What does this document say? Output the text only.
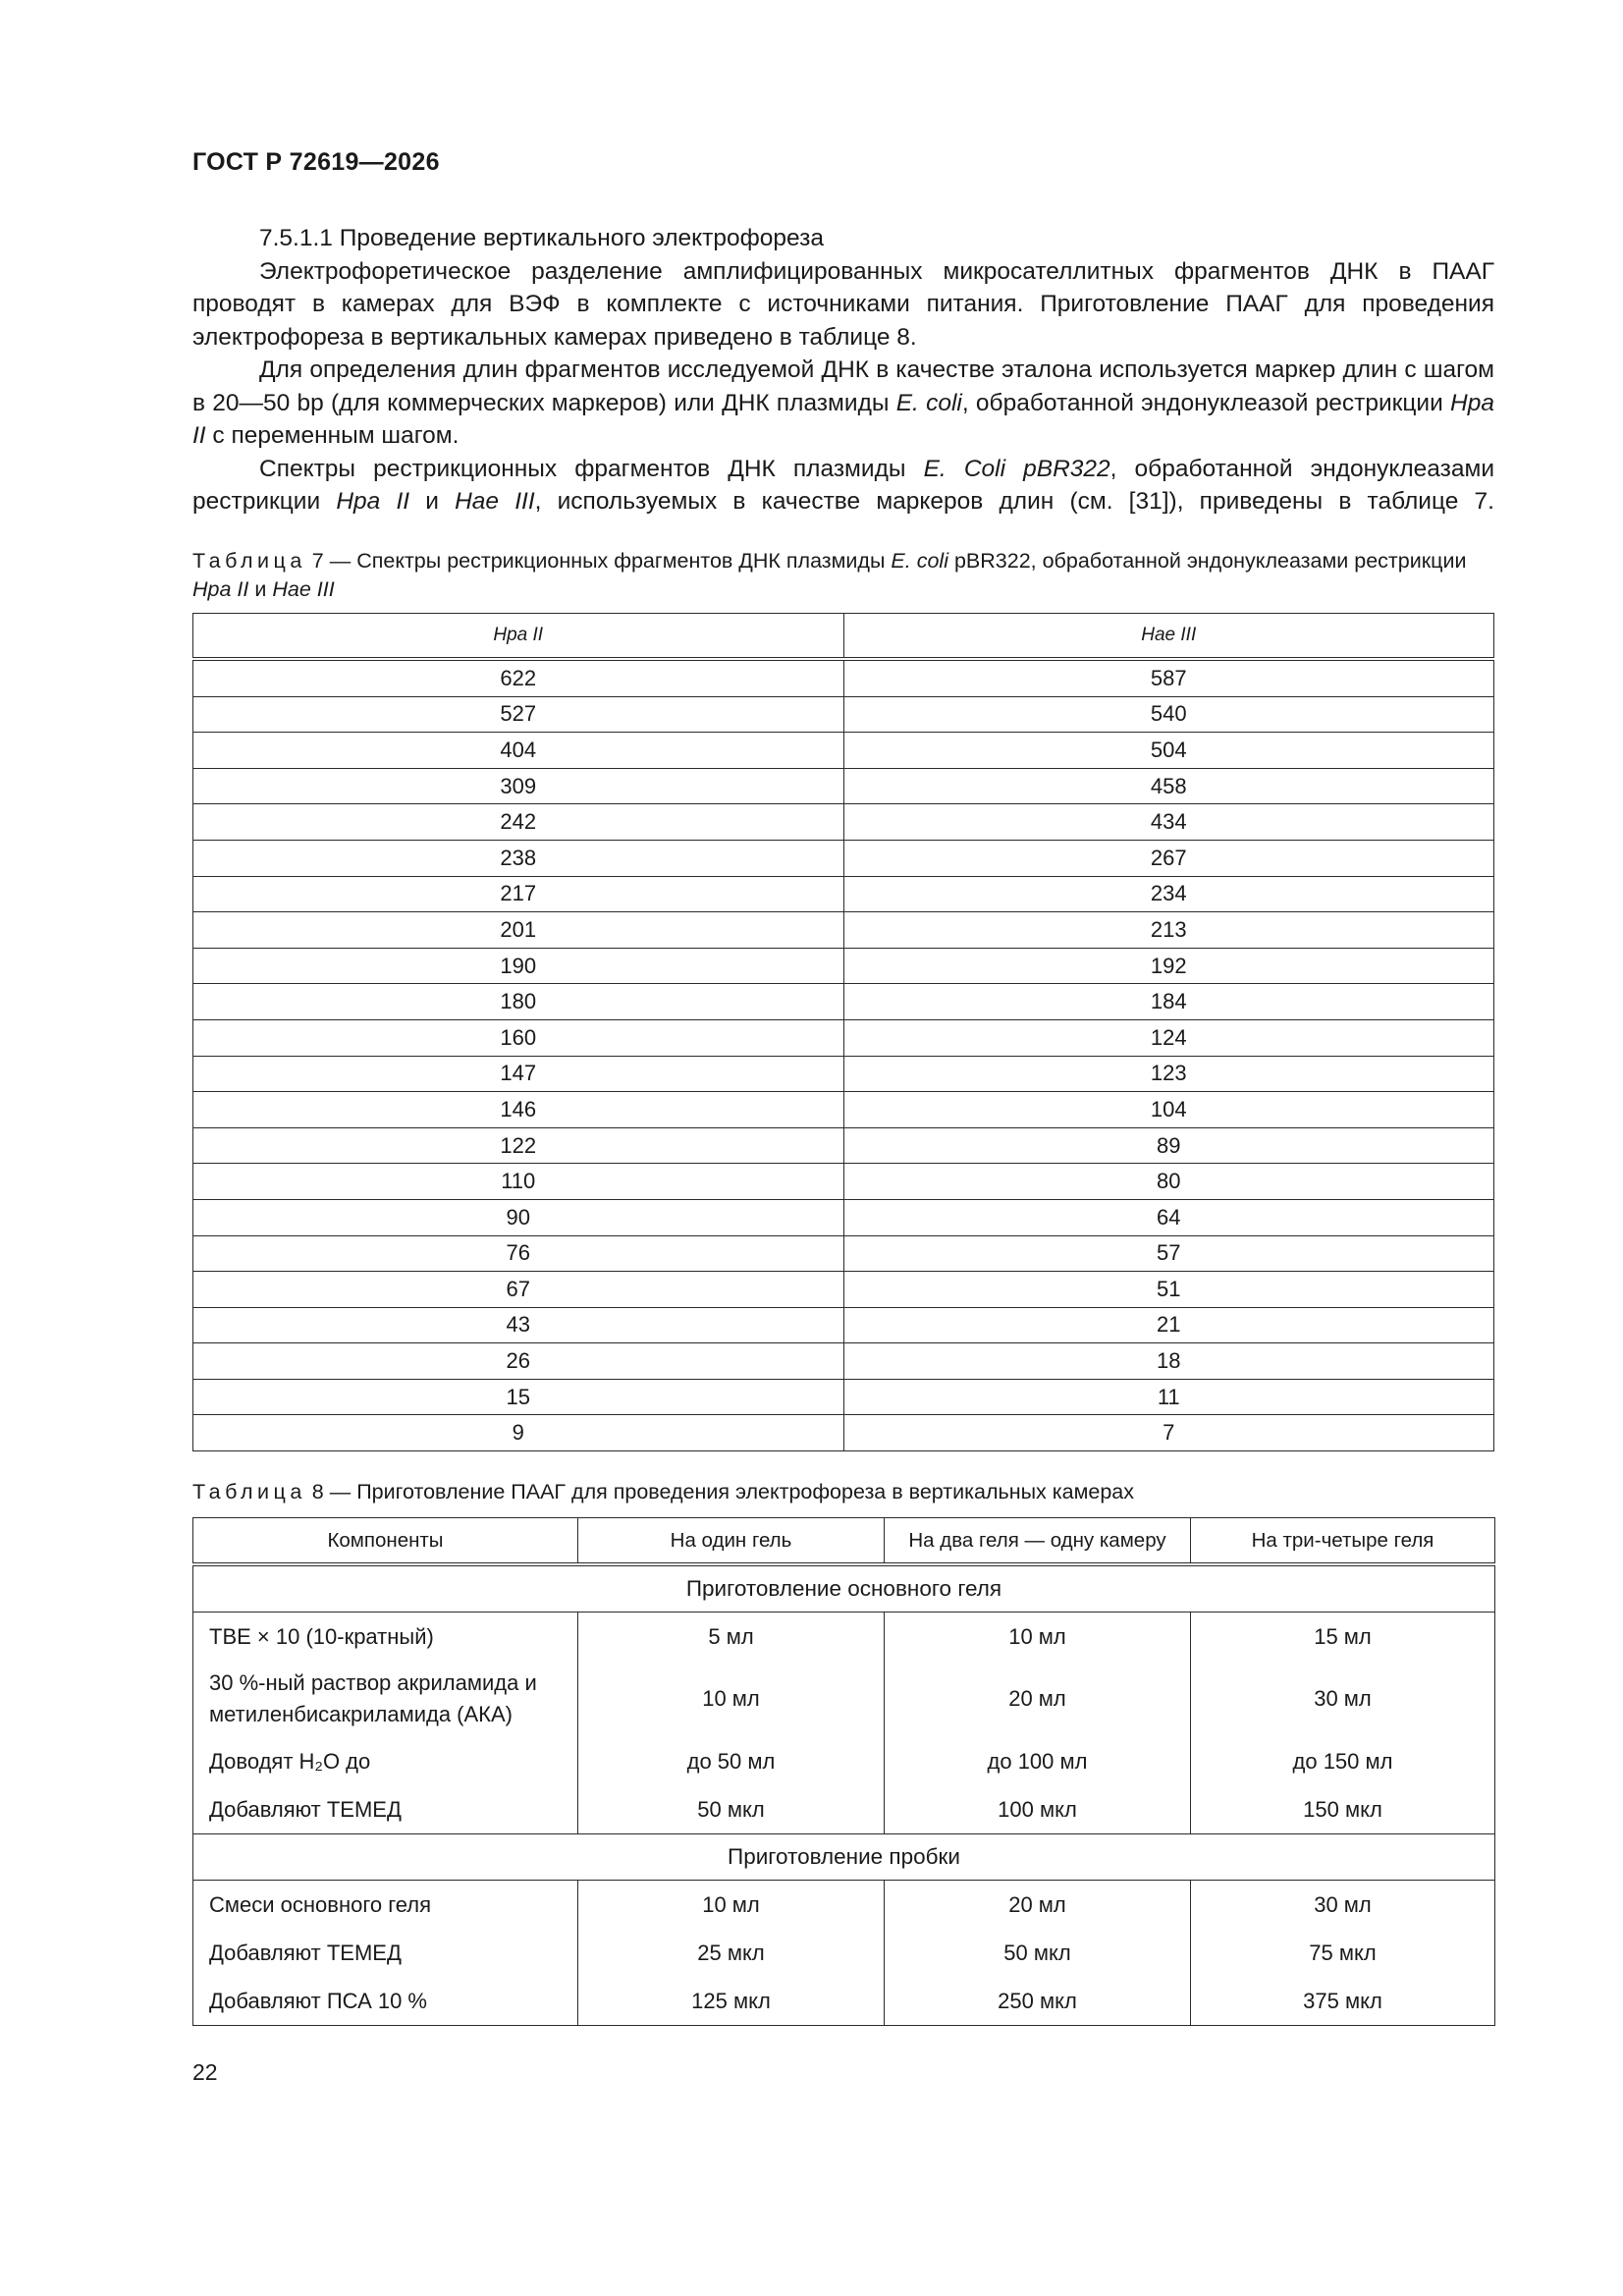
ГОСТ Р 72619—2026

7.5.1.1 Проведение вертикального электрофореза

Электрофоретическое разделение амплифицированных микросателлитных фрагментов ДНК в ПААГ проводят в камерах для ВЭФ в комплекте с источниками питания. Приготовление ПААГ для проведения электрофореза в вертикальных камерах приведено в таблице 8.

Для определения длин фрагментов исследуемой ДНК в качестве эталона используется маркер длин с шагом в 20—50 bp (для коммерческих маркеров) или ДНК плазмиды E. coli, обработанной эндонуклеазой рестрикции Hpa II с переменным шагом.

Спектры рестрикционных фрагментов ДНК плазмиды E. Coli pBR322, обработанной эндонуклеазами рестрикции Hpa II и Hae III, используемых в качестве маркеров длин (см. [31]), приведены в таблице 7.

Таблица 7 — Спектры рестрикционных фрагментов ДНК плазмиды E. coli pBR322, обработанной эндонуклеазами рестрикции Hpa II и Hae III
Hpa II	Hae III
622	587
527	540
404	504
309	458
242	434
238	267
217	234
201	213
190	192
180	184
160	124
147	123
146	104
122	89
110	80
90	64
76	57
67	51
43	21
26	18
15	11
9	7
Таблица 8 — Приготовление ПААГ для проведения электрофореза в вертикальных камерах
Компоненты	На один гель	На два геля — одну камеру	На три-четыре геля
Приготовление основного геля			
TBE × 10 (10-кратный)	5 мл	10 мл	15 мл
30 %-ный раствор акриламида и метиленбисакриламида (АКА)	10 мл	20 мл	30 мл
Доводят H₂O до	до 50 мл	до 100 мл	до 150 мл
Добавляют ТЕМЕД	50 мкл	100 мкл	150 мкл
Приготовление пробки			
Смеси основного геля	10 мл	20 мл	30 мл
Добавляют ТЕМЕД	25 мкл	50 мкл	75 мкл
Добавляют ПСА 10 %	125 мкл	250 мкл	375 мкл
22
